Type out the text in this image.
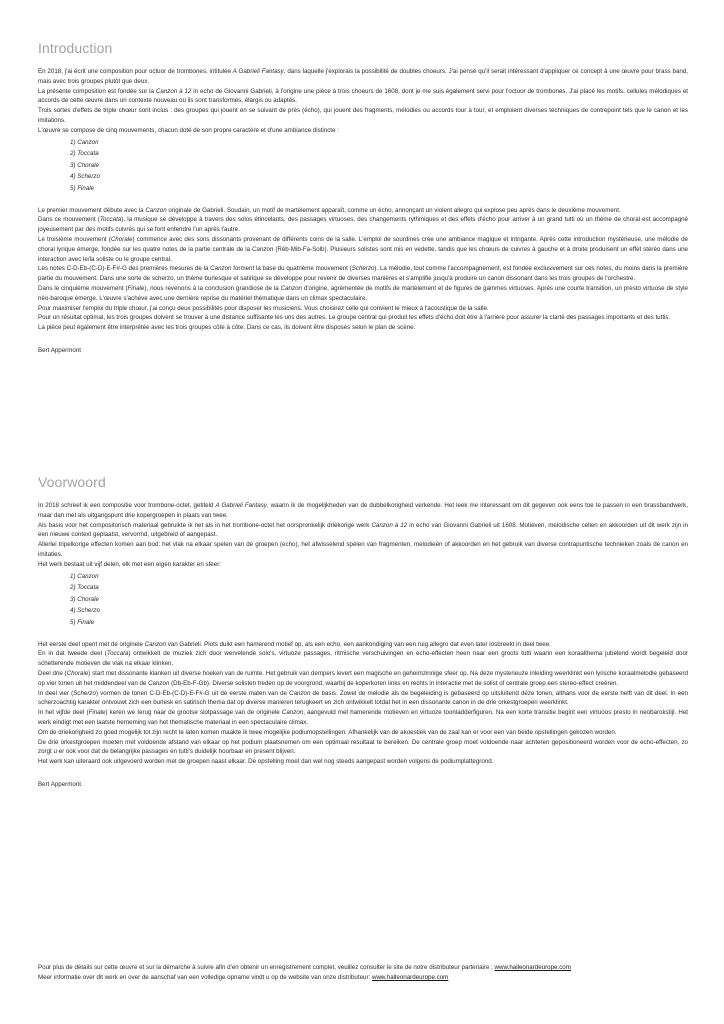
Introduction

En 2018, j'ai écrit une composition pour octuor de trombones, intitulée A Gabrieli Fantasy, dans laquelle j'explorais la possibilité de doubles choeurs. J'ai pensé qu'il serait intéressant d'appliquer ce concept à une œuvre pour brass band, mais avec trois groupes plutôt que deux.

La présente composition est fondée sur la Canzon à 12 in echo de Giovanni Gabrieli, à l'origine une pièce à trois choeurs de 1608, dont je me suis également servi pour l'octuor de trombones. J'ai placé les motifs, cellules mélodiques et accords de cette œuvre dans un contexte nouveau où ils sont transformés, élargis ou adaptés.

Trois sortes d'effets de triple chœur sont inclus : des groupes qui jouent en se suivant de près (écho), qui jouent des fragments, mélodies ou accords tour à tour, et emploient diverses techniques de contrepoint tels que le canon et les imitations.

L'œuvre se compose de cinq mouvements, chacun doté de son propre caractère et d'une ambiance distincte :

1) Canzon
2) Toccata
3) Chorale
4) Scherzo
5) Finale

Le premier mouvement débute avec la Canzon originale de Gabrieli. Soudain, un motif de martèlement apparaît, comme un écho, annonçant un violent allegro qui explose peu après dans le deuxième mouvement.

Dans ce mouvement (Toccata), la musique se développe à travers des solos étincelants, des passages virtuoses, des changements rythmiques et des effets d'écho pour arriver à un grand tutti où un thème de choral est accompagné joyeusement par des motifs cuivrés qui se font entendre l'un après l'autre.

Le troisième mouvement (Chorale) commence avec des sons dissonants provenant de différents coins de la salle. L'emploi de sourdines crée une ambiance magique et intrigante. Après cette introduction mystérieuse, une mélodie de choral lyrique émerge, fondée sur les quatre notes de la partie centrale de la Canzon (Réb-Mib-Fa-Solb). Plusieurs solistes sont mis en vedette, tandis que les chœurs de cuivres à gauche et à droite produisent un effet stéréo dans une interaction avec le/la soliste ou le groupe central.

Les notes C-D-Eb-(C-D)-E-F#-G des premières mesures de la Canzon forment la base du quatrième mouvement (Scherzo). La mélodie, tout comme l'accompagnement, est fondée exclusivement sur ces notes, du moins dans la première partie du mouvement. Dans une sorte de scherzo, un thème burlesque et satirique se développe pour revenir de diverses manières et s'amplifie jusqu'à produire un canon dissonant dans les trois groupes de l'orchestre.

Dans le cinquième mouvement (Finale), nous revenons à la conclusion grandiose de la Canzon d'origine, agrémentée de motifs de martèlement et de figures de gammes virtuoses. Après une courte transition, un presto virtuose de style néo-baroque émerge. L'œuvre s'achève avec une dernière reprise du matériel thématique dans un climax spectaculaire.

Pour maximiser l'emploi du triple chœur, j'ai conçu deux possibilités pour disposer les musiciens. Vous choisirez celle qui convient le mieux à l'acoustique de la salle.

Pour un résultat optimal, les trois groupes doivent se trouver à une distance suffisante les uns des autres. Le groupe central qui produit les effets d'écho doit être à l'arrière pour assurer la clarté des passages importants et des tuttis.

La pièce peut également être interprétée avec les trois groupes côte à côte. Dans ce cas, ils doivent être disposés selon le plan de scène.

Bert Appermont
Voorwoord

In 2018 schreef ik een compositie voor trombone-octet, getiteld A Gabrieli Fantasy, waarin ik de mogelijkheden van de dubbelkorigheid verkende. Het leek me interessant om dit gegeven ook eens toe te passen in een brassbandwerk, maar dan met als uitgangspunt drie kopergroepen in plaats van twee.

Als basis voor het compositorisch materiaal gebruikte ik net als in het trombone-octet het oorspronkelijk driekorige werk Canzon à 12 in echo van Giovanni Gabrieli uit 1608. Motieven, melodische cellen en akkoorden uit dit werk zijn in een nieuwe context geplaatst, vervormd, uitgebreid of aangepast.

Allerlei tripelkorige effecten komen aan bod: het vlak na elkaar spelen van de groepen (echo), het afwisselend spelen van fragmenten, melodieën of akkoorden en het gebruik van diverse contrapuntische technieken zoals de canon en imitaties.

Het werk bestaat uit vijf delen, elk met een eigen karakter en sfeer:

1) Canzon
2) Toccata
3) Chorale
4) Scherzo
5) Finale

Het eerste deel opent met de originele Canzon van Gabrieli. Plots duikt een hamerend motief op, als een echo, een aankondiging van een ruig allegro dat even later losbreekt in deel twee.

En in dat tweede deel (Toccata) ontwikkelt de muziek zich door wervelende solo's, virtuoze passages, ritmische verschuivingen en echo-effecten heen naar een groots tutti waarin een koraalthema jubelend wordt begeleid door schetterende motieven die vlak na elkaar klinken.

Deel drie (Chorale) start met dissonante klanken uit diverse hoeken van de ruimte. Het gebruik van dempers levert een magische en geheimzinnige sfeer op. Na deze mysterieuze inleiding weerklinkt een lyrische koraalmelodie gebaseerd op vier tonen uit het middendeel van de Canzon (Db-Eb-F-Gb). Diverse solisten treden op de voorgrond, waarbij de koperkoren links en rechts in interactie met de solist of centrale groep een stereo-effect creëren.

In deel vier (Scherzo) vormen de tonen C-D-Eb-(C-D)-E-F#-G uit de eerste maten van de Canzon de basis. Zowel de melodie als de begeleiding is gebaseerd op uitsluitend deze tonen, althans voor de eerste helft van dit deel. In een scherzoachtig karakter ontvouwt zich een burlesk en satirisch thema dat op diverse manieren terugkeert en zich ontwikkelt totdat het in een dissonante canon in de drie orkestgroepen weerklinkt.

In het vijfde deel (Finale) keren we terug naar de grootse slotpassage van de originele Canzon, aangevuld met hamerende motieven en virtuoze toonladderfiguren. Na een korte transitie begint een virtuoos presto in neobarokstijl. Het werk eindigt met een laatste herneming van het thematische materiaal in een spectaculaire climax.

Om de driekorigheid zo goed mogelijk tot zijn recht te laten komen maakte ik twee mogelijke podiumopstellingen. Afhankelijk van de akoestiek van de zaal kan er voor een van beide opstellingen gekozen worden.

De drie orkestgroepen moeten met voldoende afstand van elkaar op het podium plaatsnemen om een optimaal resultaat te bereiken. De centrale groep moet voldoende naar achteren gepositioneerd worden voor de echo-effecten, zo zorgt u er ook voor dat de belangrijke passages en tutti's duidelijk hoorbaar en present blijven.

Het werk kan uiteraard ook uitgevoerd worden met de groepen naast elkaar. De opstelling moet dan wel nog steeds aangepast worden volgens de podiumplattegrond.

Bert Appermont

Pour plus de détails sur cette œuvre et sur la démarche à suivre afin d'en obtenir un enregistrement complet, veuillez consulter le site de notre distributeur partenaire : www.halleonardeurope.com

Meer informatie over dit werk en over de aanschaf van een volledige opname vindt u op de website van onze distributeur: www.halleonardeurope.com
